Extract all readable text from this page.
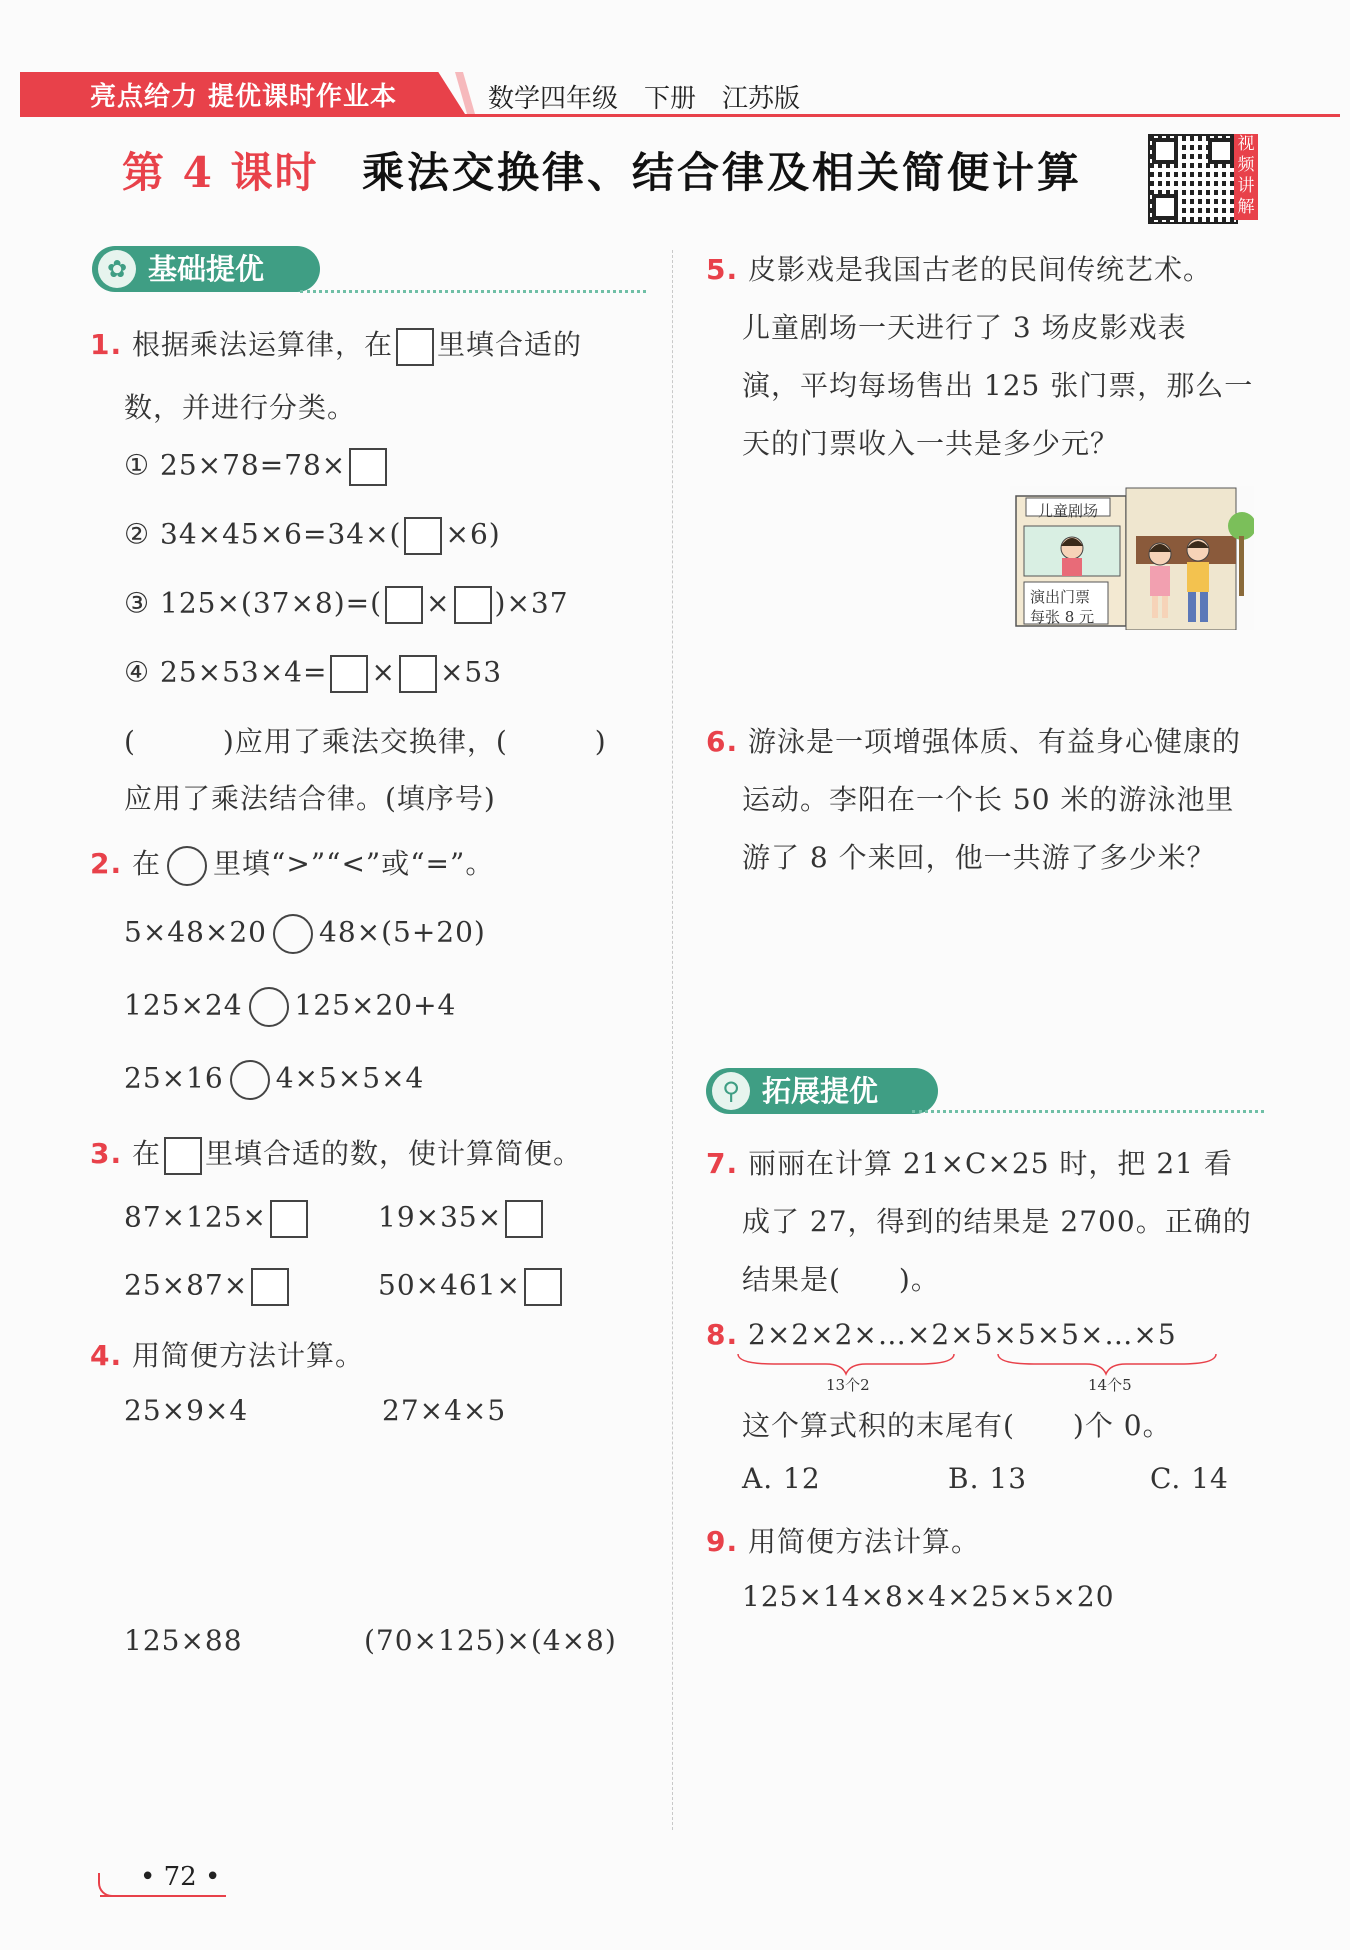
亮点给力 提优课时作业本	数学四年级　下册　江苏版
第 4 课时 乘法交换律、结合律及相关简便计算
视频讲解
✿ 基础提优
1. 根据乘法运算律，在 里填合适的
数，并进行分类。
① 25×78=78×
② 34×45×6=34×( ×6)
③ 125×(37×8)=( × )×37
④ 25×53×4= × ×53
(　　　)应用了乘法交换律，(　　　)
应用了乘法结合律。(填序号)
2. 在 里填“>”“<”或“=”。
5×48×20 48×(5+20)
125×24 125×20+4
25×16 4×5×5×4
3. 在 里填合适的数，使计算简便。
87×125×	19×35×
25×87×	50×461×
4. 用简便方法计算。
25×9×4	27×4×5
125×88	(70×125)×(4×8)
5. 皮影戏是我国古老的民间传统艺术。
儿童剧场一天进行了 3 场皮影戏表
演，平均每场售出 125 张门票，那么一
天的门票收入一共是多少元？
儿童剧场
演出门票
每张 8 元
6. 游泳是一项增强体质、有益身心健康的
运动。李阳在一个长 50 米的游泳池里
游了 8 个来回，他一共游了多少米？
⚲ 拓展提优
7. 丽丽在计算 21×C×25 时，把 21 看
成了 27，得到的结果是 2700。正确的
结果是(　　)。
8. 2×2×2×…×2×5×5×5×…×5
13个2	14个5
这个算式积的末尾有(　　)个 0。
A. 12	B. 13	C. 14
9. 用简便方法计算。
125×14×8×4×25×5×20
• 72 •
